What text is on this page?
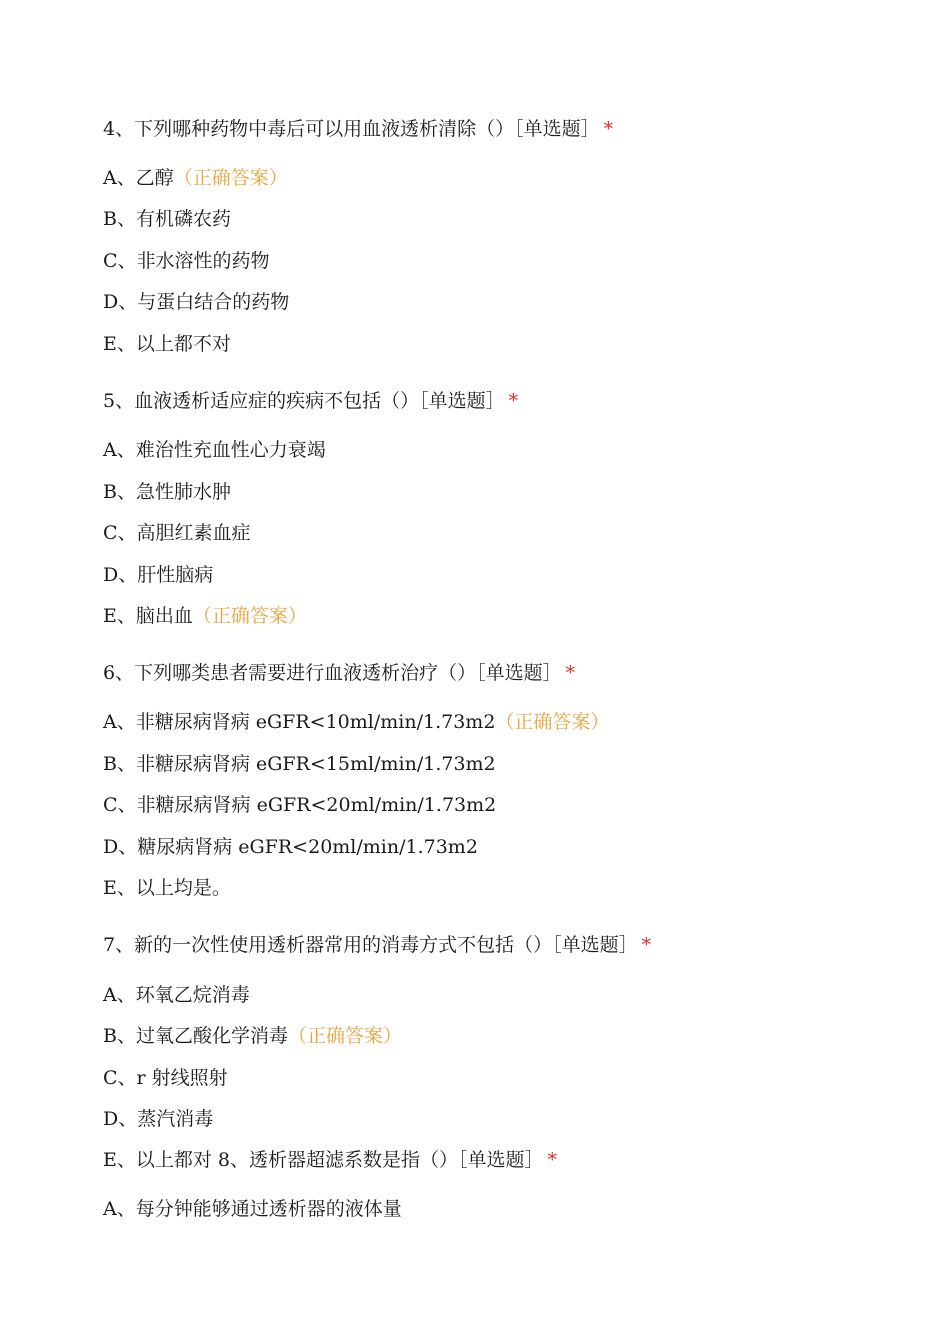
4、下列哪种药物中毒后可以用血液透析清除（）［单选题］ *
A、乙醇（正确答案）
B、有机磷农药
C、非水溶性的药物
D、与蛋白结合的药物
E、以上都不对
5、血液透析适应症的疾病不包括（）［单选题］ *
A、难治性充血性心力衰竭
B、急性肺水肿
C、高胆红素血症
D、肝性脑病
E、脑出血（正确答案）
6、下列哪类患者需要进行血液透析治疗（）［单选题］ *
A、非糖尿病肾病 eGFR<10ml/min/1.73m2（正确答案）
B、非糖尿病肾病 eGFR<15ml/min/1.73m2
C、非糖尿病肾病 eGFR<20ml/min/1.73m2
D、糖尿病肾病 eGFR<20ml/min/1.73m2
E、以上均是。
7、新的一次性使用透析器常用的消毒方式不包括（）［单选题］ *
A、环氧乙烷消毒
B、过氧乙酸化学消毒（正确答案）
C、r 射线照射
D、蒸汽消毒
E、以上都对 8、透析器超滤系数是指（）［单选题］ *
A、每分钟能够通过透析器的液体量
